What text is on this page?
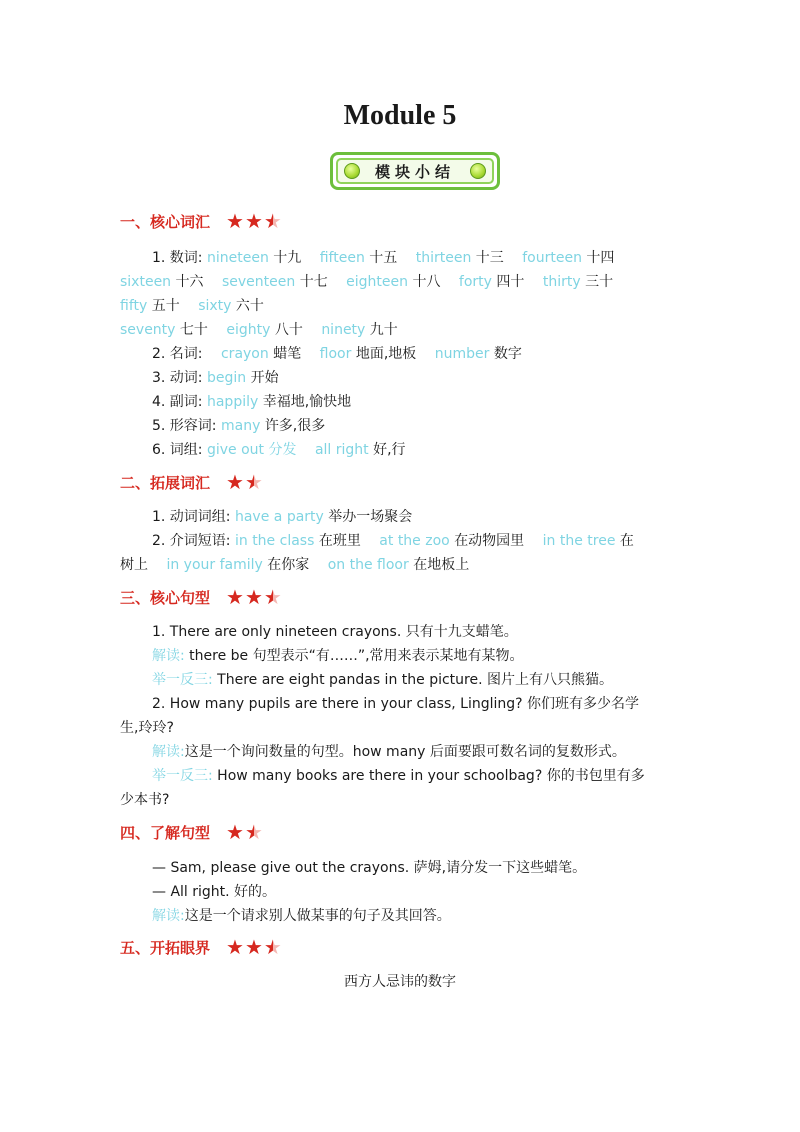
Module 5
模块小结
一、核心词汇 ★ ★ ★
1. 数词: nineteen 十九 fifteen 十五 thirteen 十三 fourteen 十四
sixteen 十六 seventeen 十七 eighteen 十八 forty 四十 thirty 三十
fifty 五十 sixty 六十
seventy 七十 eighty 八十 ninety 九十
2. 名词: crayon 蜡笔 floor 地面,地板 number 数字
3. 动词: begin 开始
4. 副词: happily 幸福地,愉快地
5. 形容词: many 许多,很多
6. 词组: give out 分发 all right 好,行
二、拓展词汇 ★ ★
1. 动词词组: have a party 举办一场聚会
2. 介词短语: in the class 在班里 at the zoo 在动物园里 in the tree 在
树上 in your family 在你家 on the floor 在地板上
三、核心句型 ★ ★ ★
1. There are only nineteen crayons. 只有十九支蜡笔。
解读: there be 句型表示“有……”,常用来表示某地有某物。
举一反三: There are eight pandas in the picture. 图片上有八只熊猫。
2. How many pupils are there in your class, Lingling? 你们班有多少名学
生,玲玲?
解读:这是一个询问数量的句型。how many 后面要跟可数名词的复数形式。
举一反三: How many books are there in your schoolbag? 你的书包里有多
少本书?
四、了解句型 ★ ★
— Sam, please give out the crayons. 萨姆,请分发一下这些蜡笔。
— All right. 好的。
解读:这是一个请求别人做某事的句子及其回答。
五、开拓眼界 ★ ★ ★
西方人忌讳的数字
